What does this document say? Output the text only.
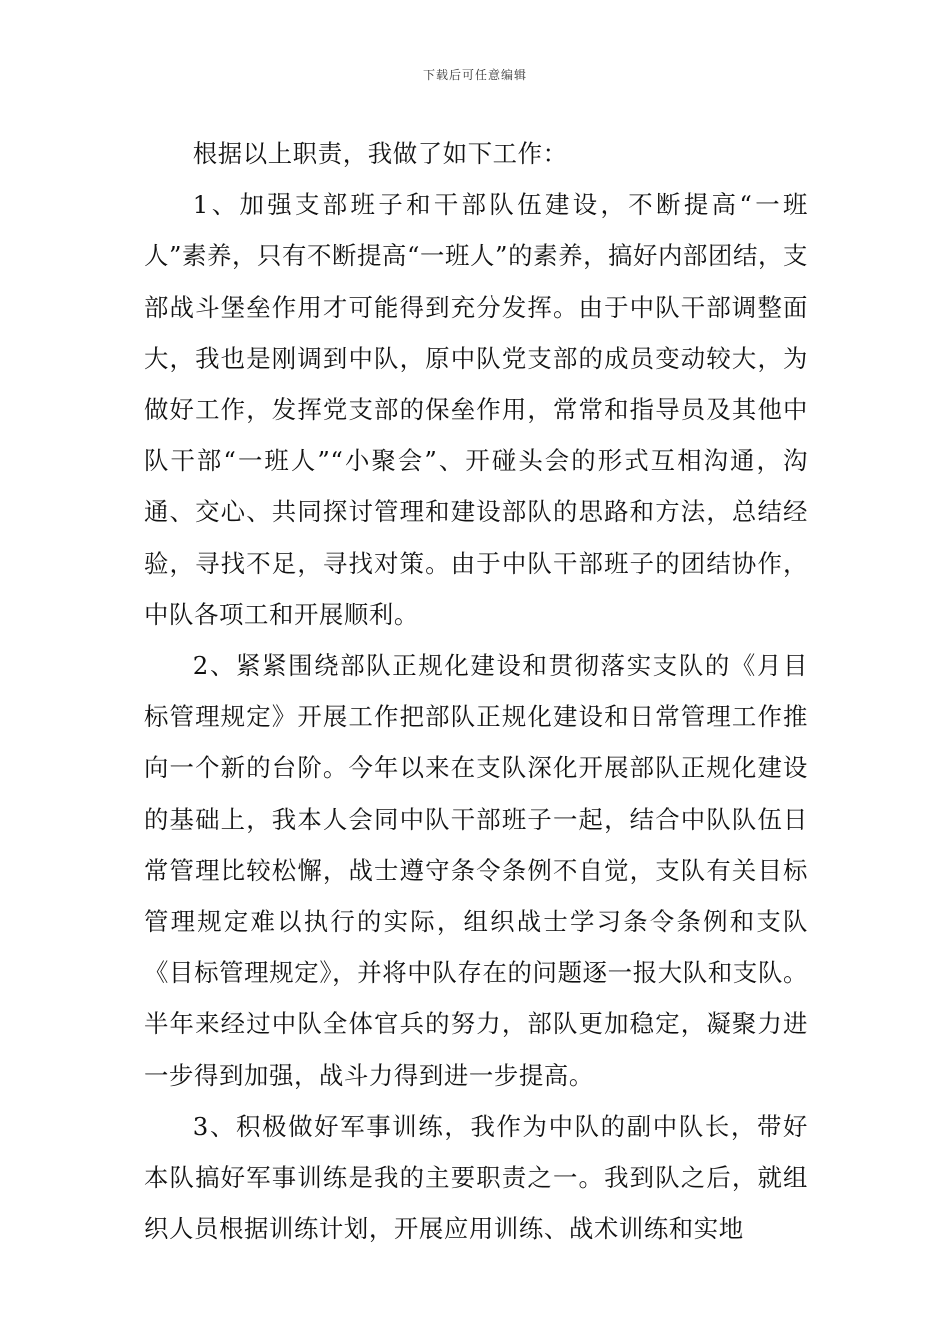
下载后可任意编辑

根据以上职责，我做了如下工作：

1、加强支部班子和干部队伍建设，不断提高“一班人”素养，只有不断提高“一班人”的素养，搞好内部团结，支部战斗堡垒作用才可能得到充分发挥。由于中队干部调整面大，我也是刚调到中队，原中队党支部的成员变动较大，为做好工作，发挥党支部的保垒作用，常常和指导员及其他中队干部“一班人”“小聚会”、开碰头会的形式互相沟通，沟通、交心、共同探讨管理和建设部队的思路和方法，总结经验，寻找不足，寻找对策。由于中队干部班子的团结协作，中队各项工和开展顺利。

2、紧紧围绕部队正规化建设和贯彻落实支队的《月目标管理规定》开展工作把部队正规化建设和日常管理工作推向一个新的台阶。今年以来在支队深化开展部队正规化建设的基础上，我本人会同中队干部班子一起，结合中队队伍日常管理比较松懈，战士遵守条令条例不自觉，支队有关目标管理规定难以执行的实际，组织战士学习条令条例和支队《目标管理规定》，并将中队存在的问题逐一报大队和支队。半年来经过中队全体官兵的努力，部队更加稳定，凝聚力进一步得到加强，战斗力得到进一步提高。

3、积极做好军事训练，我作为中队的副中队长，带好本队搞好军事训练是我的主要职责之一。我到队之后，就组织人员根据训练计划，开展应用训练、战术训练和实地
